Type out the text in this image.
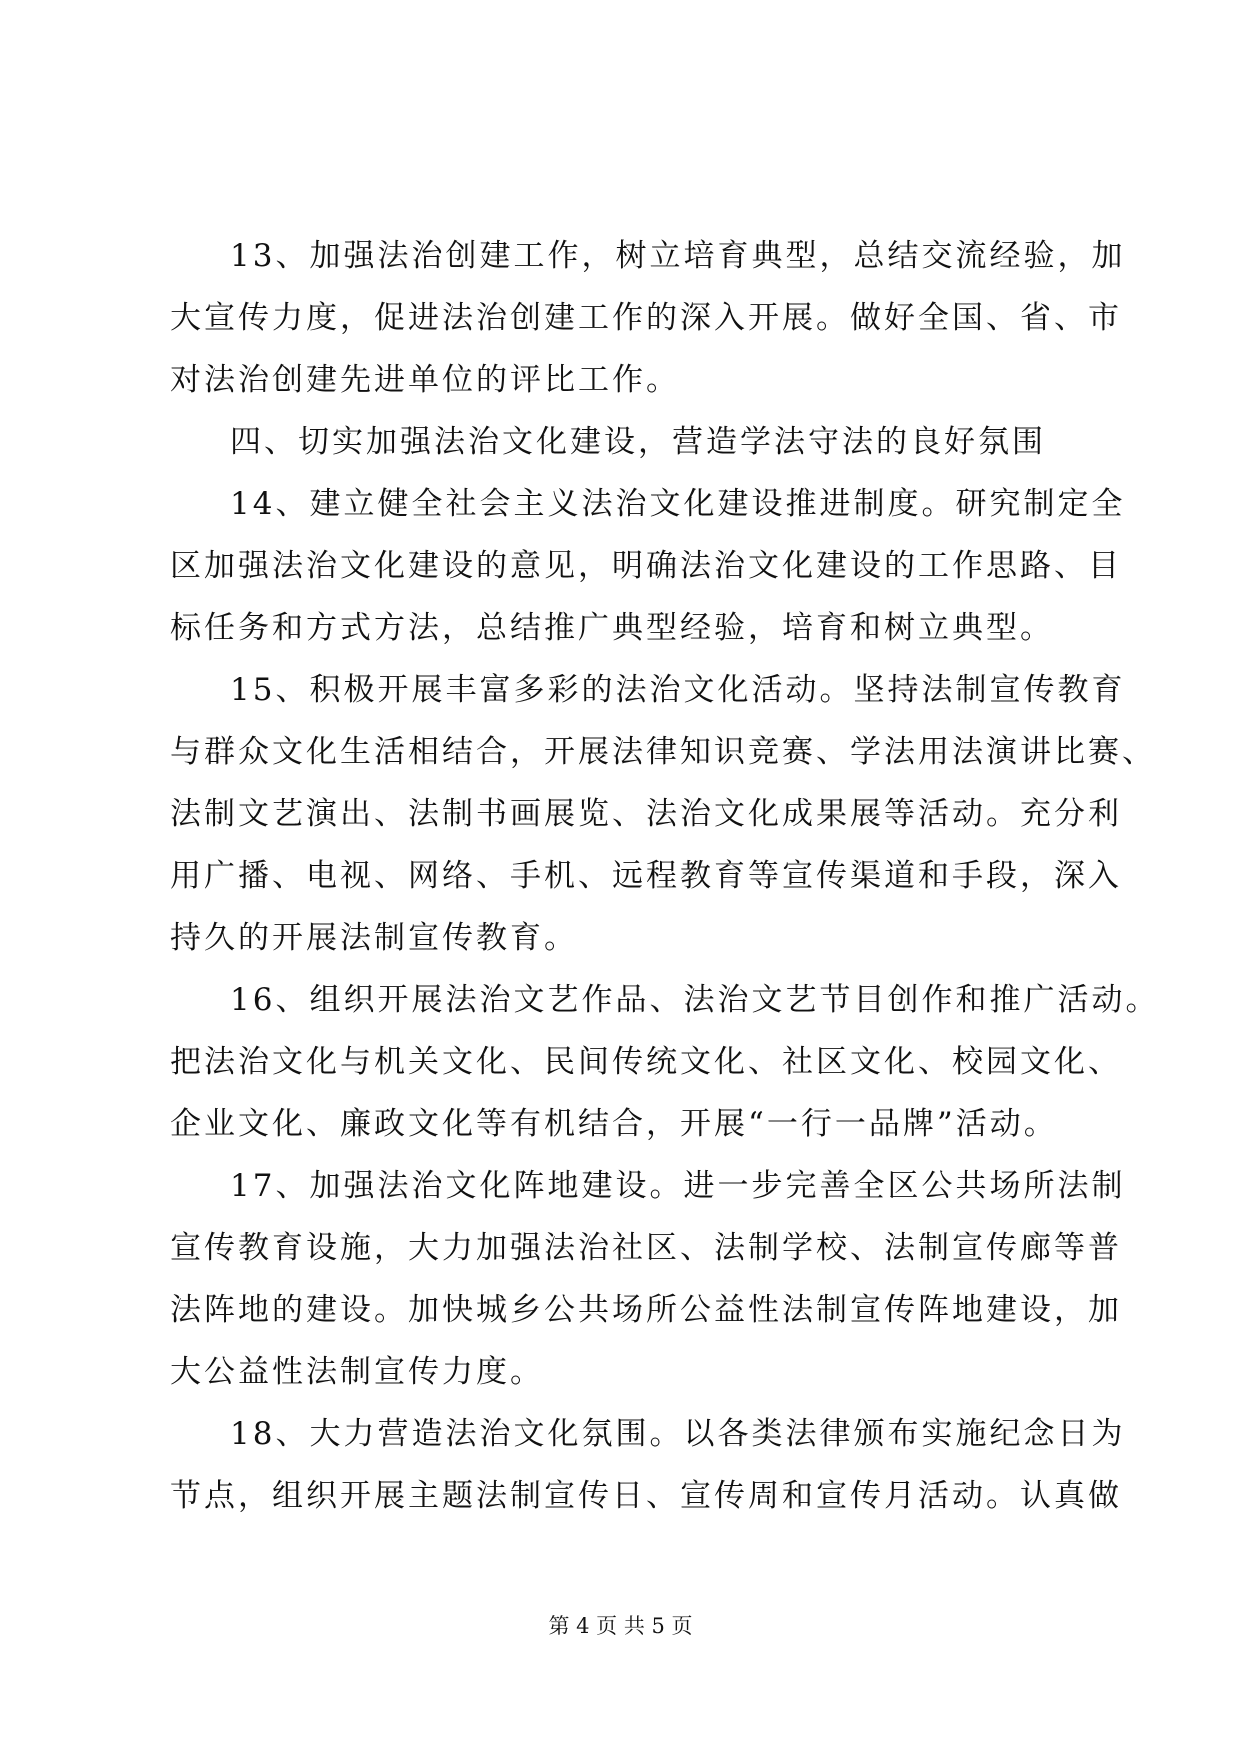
13、加强法治创建工作，树立培育典型，总结交流经验，加
大宣传力度，促进法治创建工作的深入开展。做好全国、省、市
对法治创建先进单位的评比工作。
四、切实加强法治文化建设，营造学法守法的良好氛围
14、建立健全社会主义法治文化建设推进制度。研究制定全
区加强法治文化建设的意见，明确法治文化建设的工作思路、目
标任务和方式方法，总结推广典型经验，培育和树立典型。
15、积极开展丰富多彩的法治文化活动。坚持法制宣传教育
与群众文化生活相结合，开展法律知识竞赛、学法用法演讲比赛、
法制文艺演出、法制书画展览、法治文化成果展等活动。充分利
用广播、电视、网络、手机、远程教育等宣传渠道和手段，深入
持久的开展法制宣传教育。
16、组织开展法治文艺作品、法治文艺节目创作和推广活动。
把法治文化与机关文化、民间传统文化、社区文化、校园文化、
企业文化、廉政文化等有机结合，开展“一行一品牌”活动。
17、加强法治文化阵地建设。进一步完善全区公共场所法制
宣传教育设施，大力加强法治社区、法制学校、法制宣传廊等普
法阵地的建设。加快城乡公共场所公益性法制宣传阵地建设，加
大公益性法制宣传力度。
18、大力营造法治文化氛围。以各类法律颁布实施纪念日为
节点，组织开展主题法制宣传日、宣传周和宣传月活动。认真做
第 4 页 共 5 页
